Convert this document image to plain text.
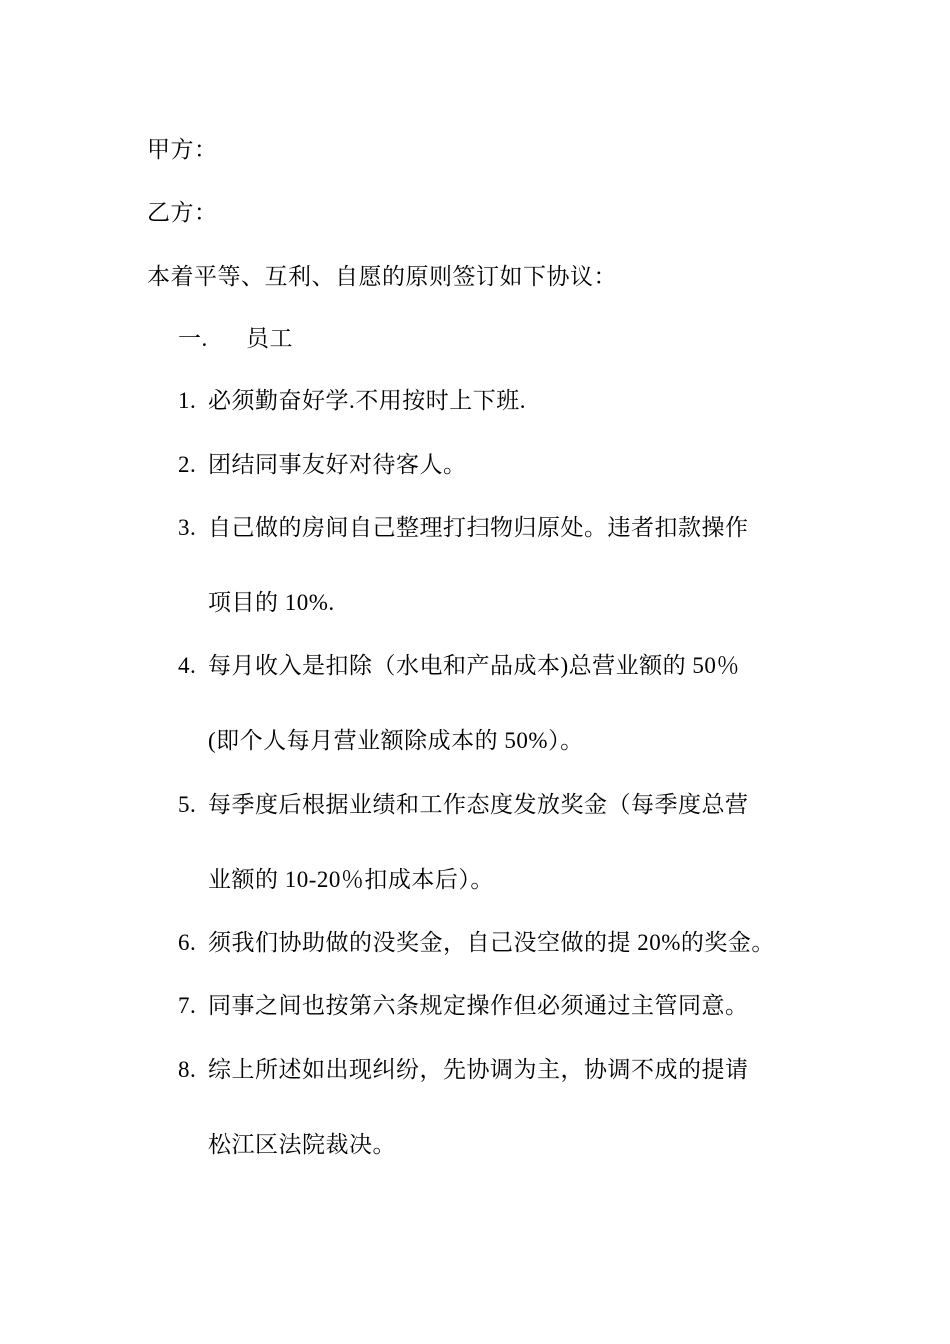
甲方：
乙方：
本着平等、互利、自愿的原则签订如下协议：
一. 员工
1. 必须勤奋好学.不用按时上下班.
2. 团结同事友好对待客人。
3. 自己做的房间自己整理打扫物归原处。违者扣款操作
项目的 10%.
4. 每月收入是扣除（水电和产品成本)总营业额的 50％
(即个人每月营业额除成本的 50%）。
5. 每季度后根据业绩和工作态度发放奖金（每季度总营
业额的 10-20％扣成本后）。
6. 须我们协助做的没奖金，自己没空做的提 20%的奖金。
7. 同事之间也按第六条规定操作但必须通过主管同意。
8. 综上所述如出现纠纷，先协调为主，协调不成的提请
松江区法院裁决。
